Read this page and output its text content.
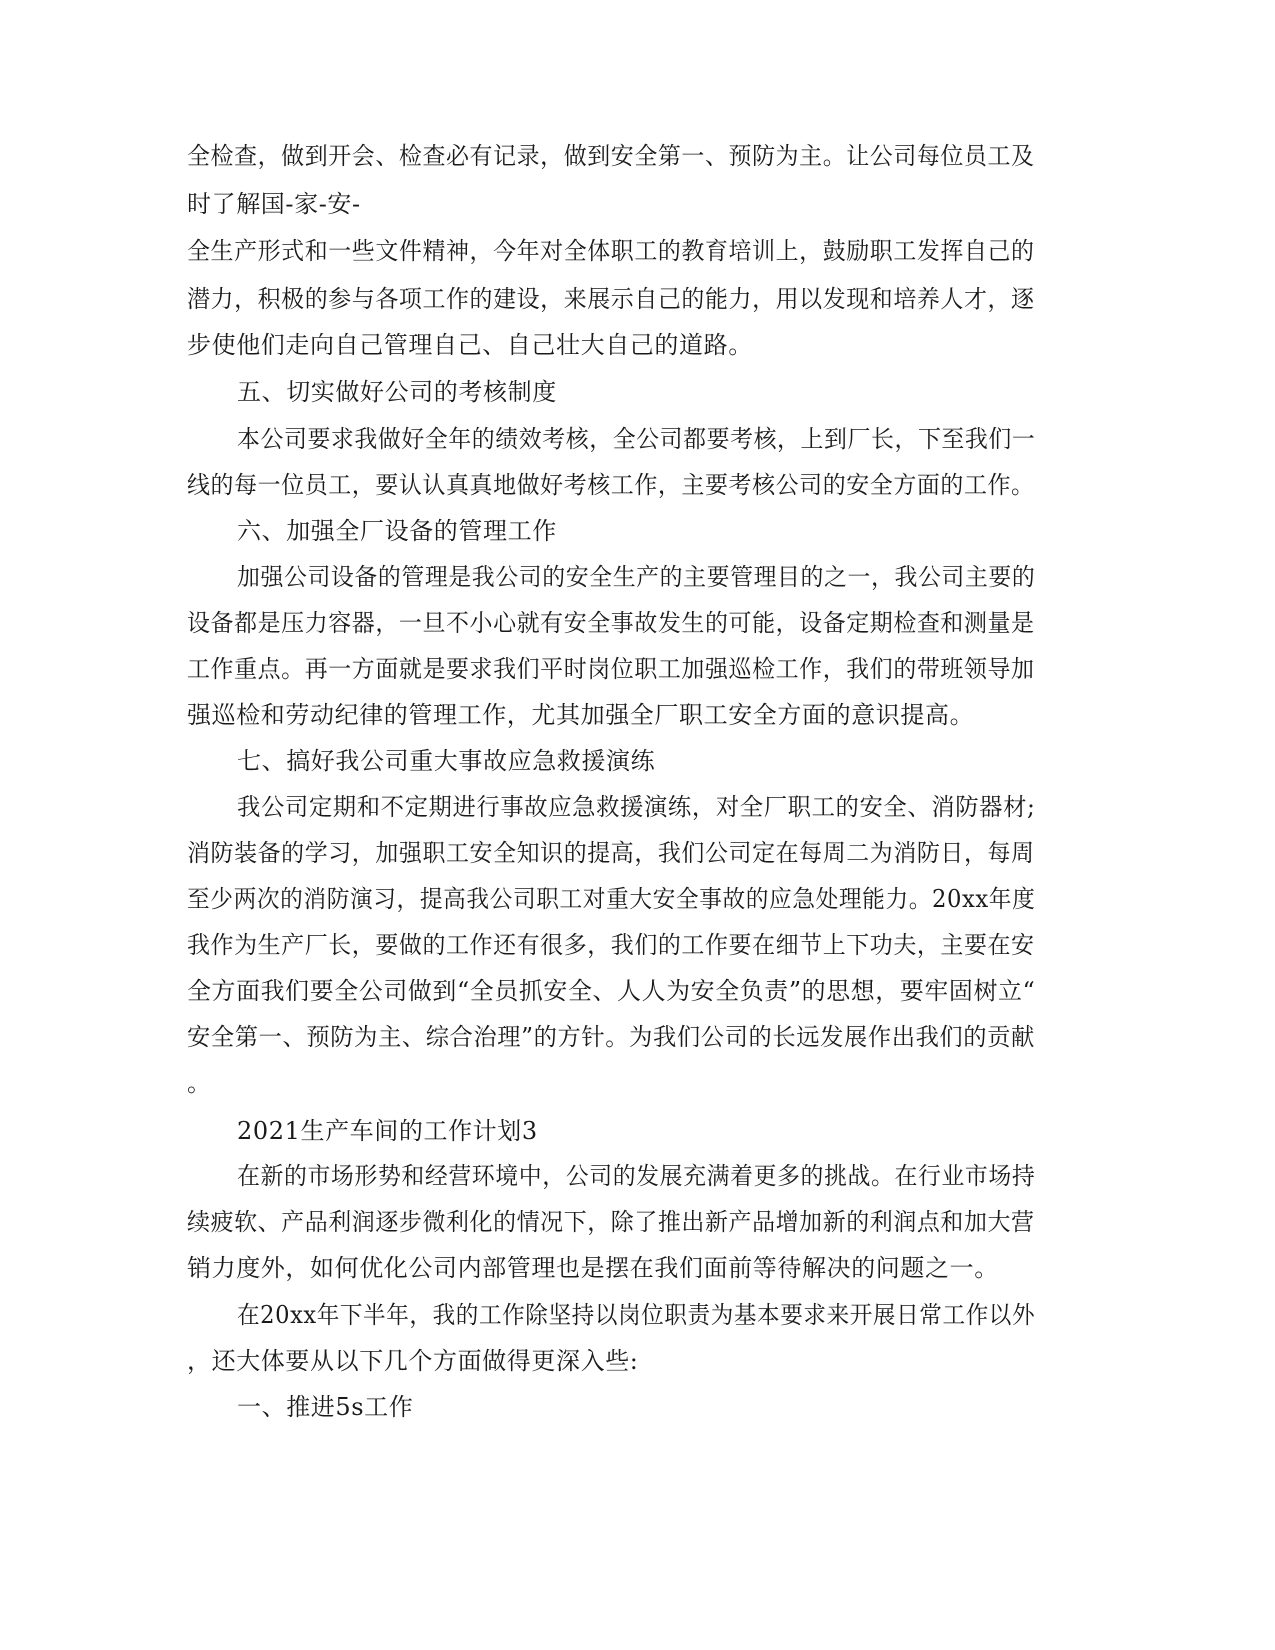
全检查，做到开会、检查必有记录，做到安全第一、预防为主。让公司每位员工及
时了解国-家-安-
全生产形式和一些文件精神，今年对全体职工的教育培训上，鼓励职工发挥自己的
潜力，积极的参与各项工作的建设，来展示自己的能力，用以发现和培养人才，逐
步使他们走向自己管理自己、自己壮大自己的道路。
五、切实做好公司的考核制度
本公司要求我做好全年的绩效考核，全公司都要考核，上到厂长，下至我们一
线的每一位员工，要认认真真地做好考核工作，主要考核公司的安全方面的工作。
六、加强全厂设备的管理工作
加强公司设备的管理是我公司的安全生产的主要管理目的之一，我公司主要的
设备都是压力容器，一旦不小心就有安全事故发生的可能，设备定期检查和测量是
工作重点。再一方面就是要求我们平时岗位职工加强巡检工作，我们的带班领导加
强巡检和劳动纪律的管理工作，尤其加强全厂职工安全方面的意识提高。
七、搞好我公司重大事故应急救援演练
我公司定期和不定期进行事故应急救援演练，对全厂职工的安全、消防器材;
消防装备的学习，加强职工安全知识的提高，我们公司定在每周二为消防日，每周
至少两次的消防演习，提高我公司职工对重大安全事故的应急处理能力。20xx年度
我作为生产厂长，要做的工作还有很多，我们的工作要在细节上下功夫，主要在安
全方面我们要全公司做到“全员抓安全、人人为安全负责”的思想，要牢固树立“
安全第一、预防为主、综合治理”的方针。为我们公司的长远发展作出我们的贡献
。
2021生产车间的工作计划3
在新的市场形势和经营环境中，公司的发展充满着更多的挑战。在行业市场持
续疲软、产品利润逐步微利化的情况下，除了推出新产品增加新的利润点和加大营
销力度外，如何优化公司内部管理也是摆在我们面前等待解决的问题之一。
在20xx年下半年，我的工作除坚持以岗位职责为基本要求来开展日常工作以外
，还大体要从以下几个方面做得更深入些:
一、推进5s工作
